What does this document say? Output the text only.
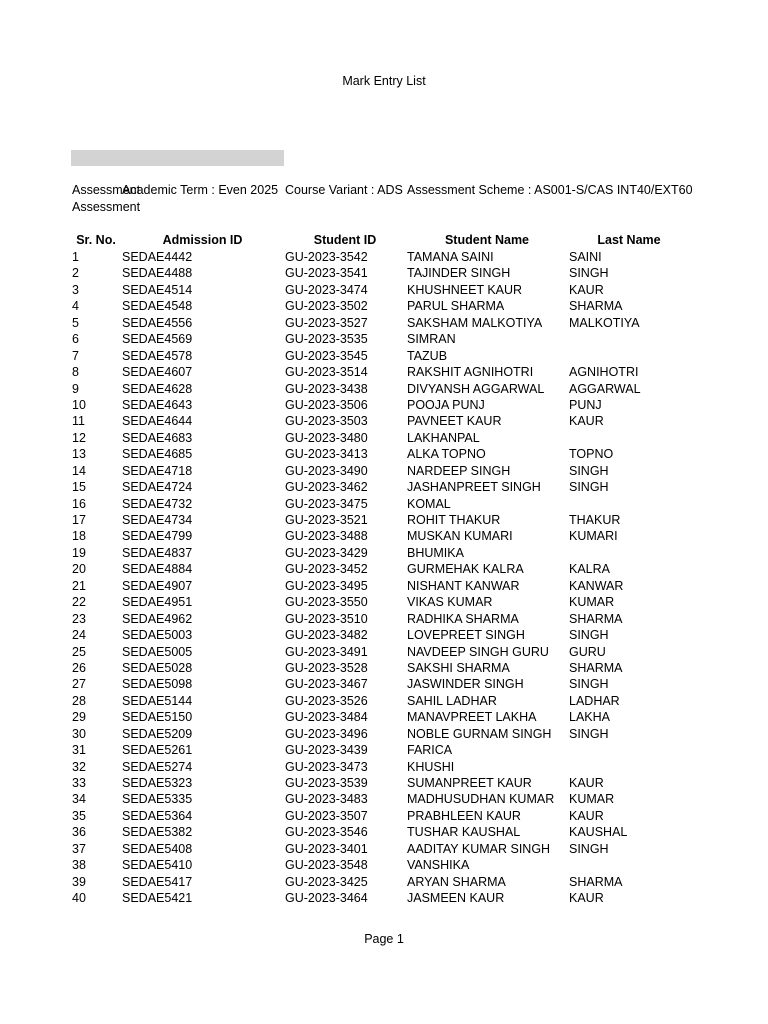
Mark Entry List
Assessment
Academic Term : Even 2025 Course Variant : ADS Assessment Scheme : AS001-S/CAS INT40/EXT60
Assessment
Sr. No.	Admission ID	Student ID	Student Name	Last Name
1	SEDAE4442	GU-2023-3542	TAMANA SAINI	SAINI
2	SEDAE4488	GU-2023-3541	TAJINDER SINGH	SINGH
3	SEDAE4514	GU-2023-3474	KHUSHNEET KAUR	KAUR
4	SEDAE4548	GU-2023-3502	PARUL SHARMA	SHARMA
5	SEDAE4556	GU-2023-3527	SAKSHAM MALKOTIYA	MALKOTIYA
6	SEDAE4569	GU-2023-3535	SIMRAN
7	SEDAE4578	GU-2023-3545	TAZUB
8	SEDAE4607	GU-2023-3514	RAKSHIT AGNIHOTRI	AGNIHOTRI
9	SEDAE4628	GU-2023-3438	DIVYANSH AGGARWAL	AGGARWAL
10	SEDAE4643	GU-2023-3506	POOJA PUNJ	PUNJ
11	SEDAE4644	GU-2023-3503	PAVNEET KAUR	KAUR
12	SEDAE4683	GU-2023-3480	LAKHANPAL
13	SEDAE4685	GU-2023-3413	ALKA TOPNO	TOPNO
14	SEDAE4718	GU-2023-3490	NARDEEP SINGH	SINGH
15	SEDAE4724	GU-2023-3462	JASHANPREET SINGH	SINGH
16	SEDAE4732	GU-2023-3475	KOMAL
17	SEDAE4734	GU-2023-3521	ROHIT THAKUR	THAKUR
18	SEDAE4799	GU-2023-3488	MUSKAN KUMARI	KUMARI
19	SEDAE4837	GU-2023-3429	BHUMIKA
20	SEDAE4884	GU-2023-3452	GURMEHAK KALRA	KALRA
21	SEDAE4907	GU-2023-3495	NISHANT KANWAR	KANWAR
22	SEDAE4951	GU-2023-3550	VIKAS KUMAR	KUMAR
23	SEDAE4962	GU-2023-3510	RADHIKA SHARMA	SHARMA
24	SEDAE5003	GU-2023-3482	LOVEPREET SINGH	SINGH
25	SEDAE5005	GU-2023-3491	NAVDEEP SINGH GURU	GURU
26	SEDAE5028	GU-2023-3528	SAKSHI SHARMA	SHARMA
27	SEDAE5098	GU-2023-3467	JASWINDER SINGH	SINGH
28	SEDAE5144	GU-2023-3526	SAHIL LADHAR	LADHAR
29	SEDAE5150	GU-2023-3484	MANAVPREET LAKHA	LAKHA
30	SEDAE5209	GU-2023-3496	NOBLE GURNAM SINGH	SINGH
31	SEDAE5261	GU-2023-3439	FARICA
32	SEDAE5274	GU-2023-3473	KHUSHI
33	SEDAE5323	GU-2023-3539	SUMANPREET KAUR	KAUR
34	SEDAE5335	GU-2023-3483	MADHUSUDHAN KUMAR	KUMAR
35	SEDAE5364	GU-2023-3507	PRABHLEEN KAUR	KAUR
36	SEDAE5382	GU-2023-3546	TUSHAR KAUSHAL	KAUSHAL
37	SEDAE5408	GU-2023-3401	AADITAY KUMAR SINGH	SINGH
38	SEDAE5410	GU-2023-3548	VANSHIKA
39	SEDAE5417	GU-2023-3425	ARYAN SHARMA	SHARMA
40	SEDAE5421	GU-2023-3464	JASMEEN KAUR	KAUR
Page 1
